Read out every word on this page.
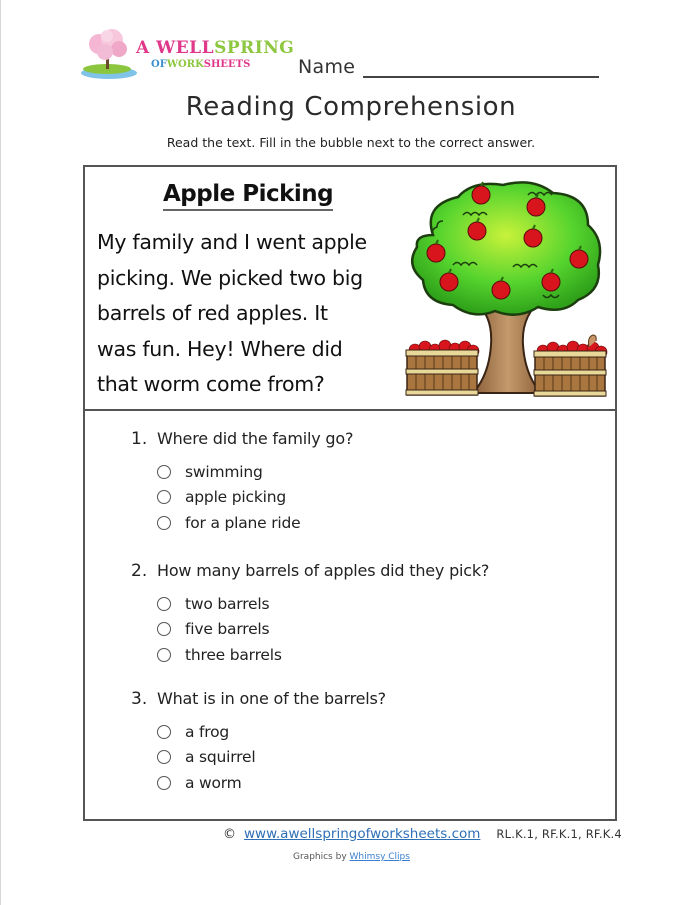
A WELLSPRING
OFWORKSHEETS	Name
Reading Comprehension
Read the text. Fill in the bubble next to the correct answer.
Apple Picking
My family and I went apple
picking. We picked two big
barrels of red apples. It
was fun. Hey! Where did
that worm come from?
1. Where did the family go?
swimming
apple picking
for a plane ride
2. How many barrels of apples did they pick?
two barrels
five barrels
three barrels
3. What is in one of the barrels?
a frog
a squirrel
a worm
© www.awellspringofworksheets.com RL.K.1, RF.K.1, RF.K.4
Graphics by Whimsy Clips
